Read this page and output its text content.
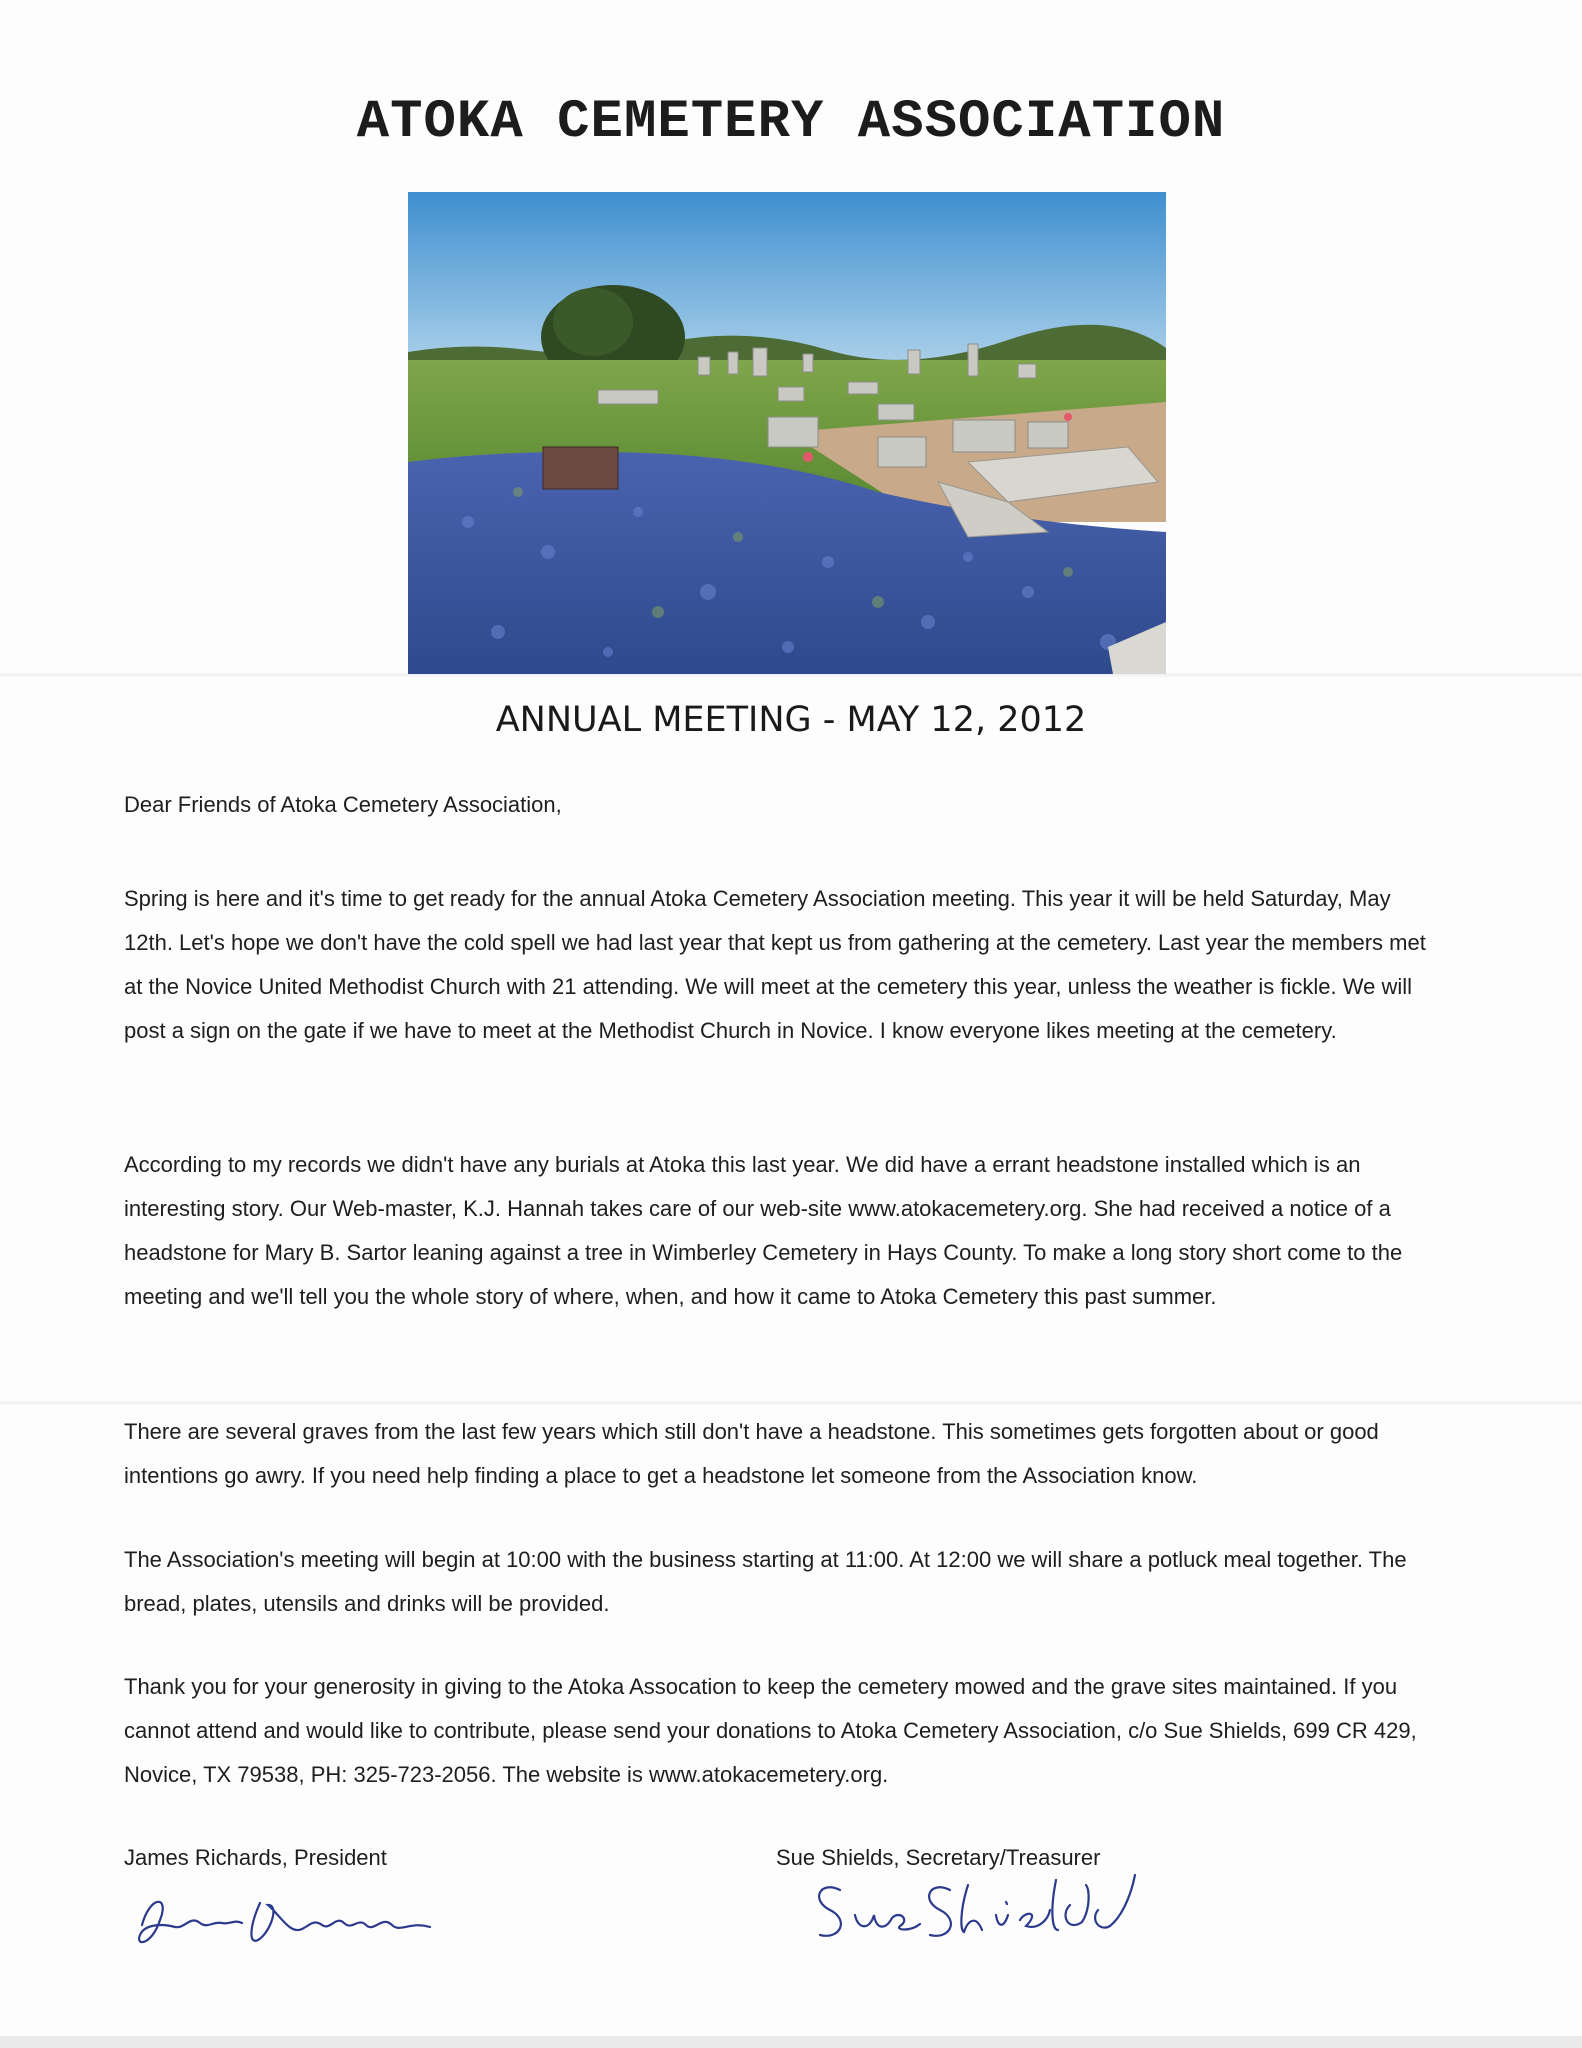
ATOKA CEMETERY ASSOCIATION
ANNUAL MEETING - MAY 12, 2012

Dear Friends of Atoka Cemetery Association,

Spring is here and it's time to get ready for the annual Atoka Cemetery Association meeting. This year it will be held Saturday, May 12th. Let's hope we don't have the cold spell we had last year that kept us from gathering at the cemetery. Last year the members met at the Novice United Methodist Church with 21 attending. We will meet at the cemetery this year, unless the weather is fickle. We will post a sign on the gate if we have to meet at the Methodist Church in Novice. I know everyone likes meeting at the cemetery.

According to my records we didn't have any burials at Atoka this last year. We did have a errant headstone installed which is an interesting story. Our Web-master, K.J. Hannah takes care of our web-site www.atokacemetery.org. She had received a notice of a headstone for Mary B. Sartor leaning against a tree in Wimberley Cemetery in Hays County. To make a long story short come to the meeting and we'll tell you the whole story of where, when, and how it came to Atoka Cemetery this past summer.

There are several graves from the last few years which still don't have a headstone. This sometimes gets forgotten about or good intentions go awry. If you need help finding a place to get a headstone let someone from the Association know.

The Association's meeting will begin at 10:00 with the business starting at 11:00. At 12:00 we will share a potluck meal together. The bread, plates, utensils and drinks will be provided.

Thank you for your generosity in giving to the Atoka Assocation to keep the cemetery mowed and the grave sites maintained. If you cannot attend and would like to contribute, please send your donations to Atoka Cemetery Association, c/o Sue Shields, 699 CR 429, Novice, TX 79538, PH: 325-723-2056. The website is www.atokacemetery.org.

James Richards, President	Sue Shields, Secretary/Treasurer
